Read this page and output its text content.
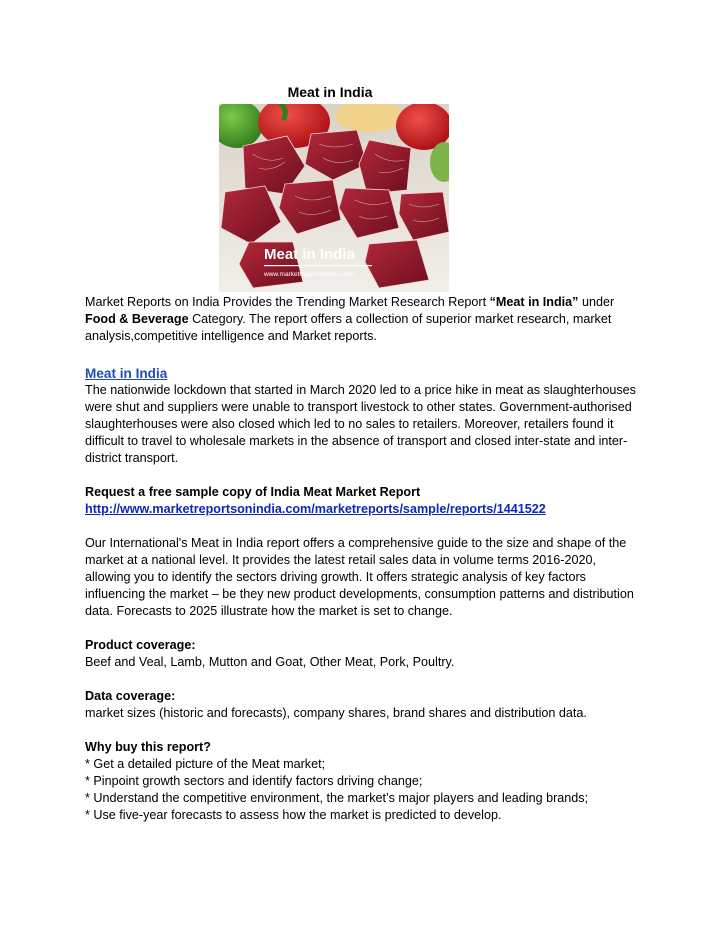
Meat in India
Meat in India
www.marketreportsonindia.com

Market Reports on India Provides the Trending Market Research Report “Meat in India” under Food & Beverage Category. The report offers a collection of superior market research, market analysis,competitive intelligence and Market reports.

Meat in India

The nationwide lockdown that started in March 2020 led to a price hike in meat as slaughterhouses were shut and suppliers were unable to transport livestock to other states. Government-authorised slaughterhouses were also closed which led to no sales to retailers. Moreover, retailers found it difficult to travel to wholesale markets in the absence of transport and closed inter-state and inter-district transport.

Request a free sample copy of India Meat Market Report

http://www.marketreportsonindia.com/marketreports/sample/reports/1441522

Our International's Meat in India report offers a comprehensive guide to the size and shape of the market at a national level. It provides the latest retail sales data in volume terms 2016-2020, allowing you to identify the sectors driving growth. It offers strategic analysis of key factors influencing the market – be they new product developments, consumption patterns and distribution data. Forecasts to 2025 illustrate how the market is set to change.

Product coverage:

Beef and Veal, Lamb, Mutton and Goat, Other Meat, Pork, Poultry.

Data coverage:

market sizes (historic and forecasts), company shares, brand shares and distribution data.

Why buy this report?

* Get a detailed picture of the Meat market;
* Pinpoint growth sectors and identify factors driving change;
* Understand the competitive environment, the market’s major players and leading brands;
* Use five-year forecasts to assess how the market is predicted to develop.
